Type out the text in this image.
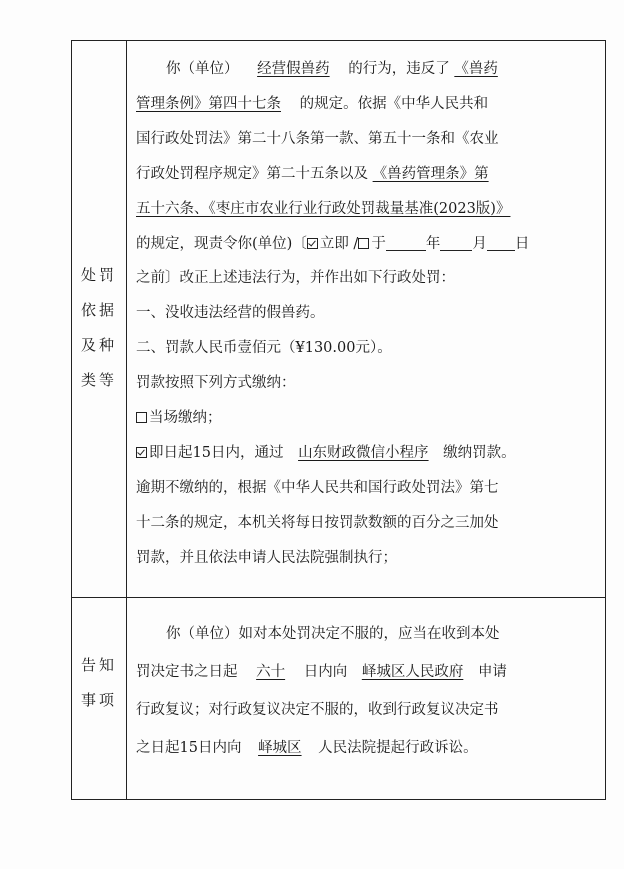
处罚
依据
及种
类等
告知
事项
你（单位） 经营假兽药 的行为，违反了 《兽药
管理条例》第四十七条 的规定。依据《中华人民共和
国行政处罚法》第二十八条第一款、第五十一条和《农业
行政处罚程序规定》第二十五条以及 《兽药管理条》第
五十六条、《枣庄市农业行业行政处罚裁量基准(2023版)》
的规定，现责令你(单位)〔 立即 / 于	年 月 日
之前〕改正上述违法行为，并作出如下行政处罚：
一、没收违法经营的假兽药。
二、罚款人民币壹佰元（¥130.00元）。
罚款按照下列方式缴纳：
当场缴纳；
即日起15日内，通过 山东财政微信小程序 缴纳罚款。
逾期不缴纳的，根据《中华人民共和国行政处罚法》第七
十二条的规定，本机关将每日按罚款数额的百分之三加处
罚款，并且依法申请人民法院强制执行；
你（单位）如对本处罚决定不服的，应当在收到本处
罚决定书之日起 六十 日内向 峄城区人民政府 申请
行政复议；对行政复议决定不服的，收到行政复议决定书
之日起15日内向 峄城区 人民法院提起行政诉讼。
